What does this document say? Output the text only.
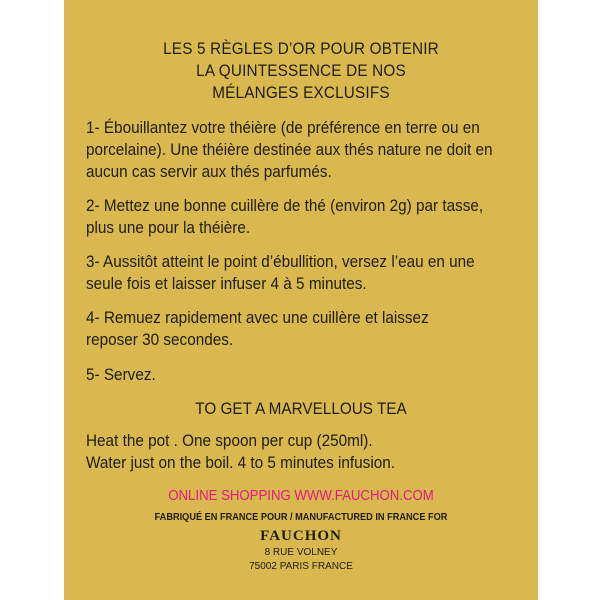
LES 5 RÈGLES D’OR POUR OBTENIR
LA QUINTESSENCE DE NOS
MÉLANGES EXCLUSIFS
1- Ébouillantez votre théière (de préférence en terre ou en
porcelaine). Une théière destinée aux thés nature ne doit en
aucun cas servir aux thés parfumés.
2- Mettez une bonne cuillère de thé (environ 2g) par tasse,
plus une pour la théière.
3- Aussitôt atteint le point d’ébullition, versez l’eau en une
seule fois et laisser infuser 4 à 5 minutes.
4- Remuez rapidement avec une cuillère et laissez
reposer 30 secondes.
5- Servez.
TO GET A MARVELLOUS TEA
Heat the pot . One spoon per cup (250ml).
Water just on the boil. 4 to 5 minutes infusion.
ONLINE SHOPPING WWW.FAUCHON.COM
FABRIQUÉ EN FRANCE POUR / MANUFACTURED IN FRANCE FOR
FAUCHON
8 RUE VOLNEY
75002 PARIS FRANCE
